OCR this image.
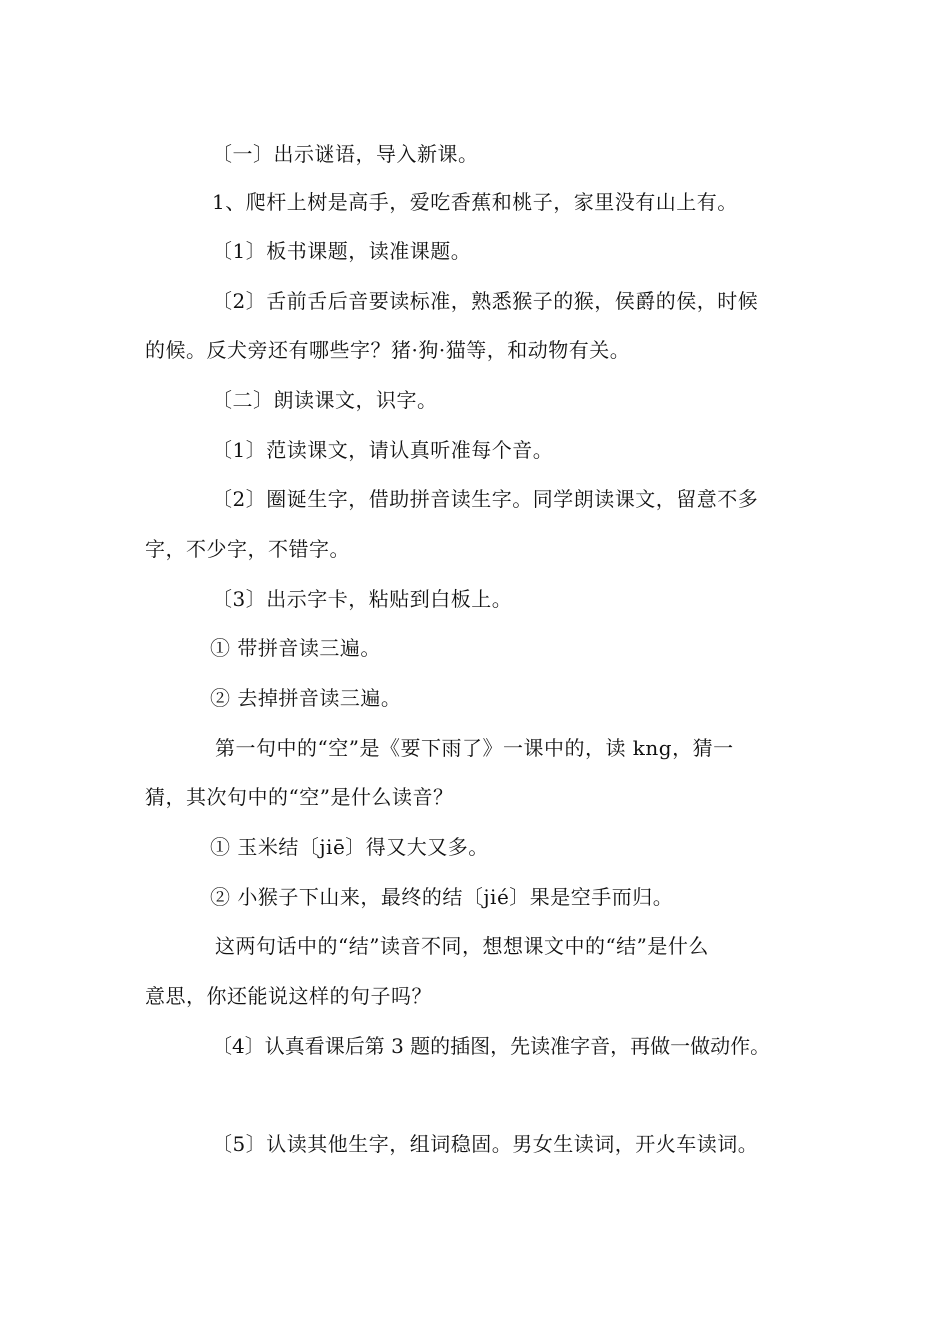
〔一〕出示谜语，导入新课。
1、爬杆上树是高手，爱吃香蕉和桃子，家里没有山上有。
〔1〕板书课题，读准课题。
〔2〕舌前舌后音要读标准，熟悉猴子的猴，侯爵的侯，时候
的候。反犬旁还有哪些字？猪·狗·猫等，和动物有关。
〔二〕朗读课文，识字。
〔1〕范读课文，请认真听准每个音。
〔2〕圈诞生字，借助拼音读生字。同学朗读课文，留意不多
字，不少字，不错字。
〔3〕出示字卡，粘贴到白板上。
① 带拼音读三遍。
② 去掉拼音读三遍。
第一句中的“空”是《要下雨了》一课中的，读 kng，猜一
猜，其次句中的“空”是什么读音？
① 玉米结〔jiē〕得又大又多。
② 小猴子下山来，最终的结〔jié〕果是空手而归。
这两句话中的“结”读音不同，想想课文中的“结”是什么
意思，你还能说这样的句子吗？
〔4〕认真看课后第 3 题的插图，先读准字音，再做一做动作。
〔5〕认读其他生字，组词稳固。男女生读词，开火车读词。
